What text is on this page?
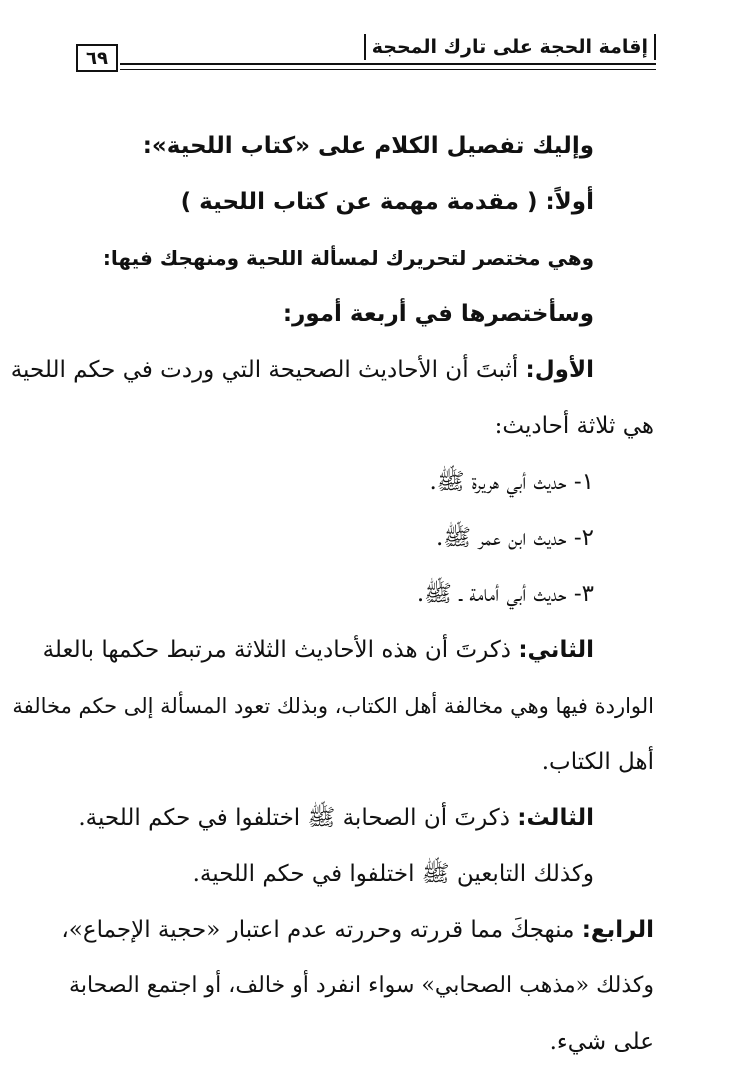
٦٩	إقامة الحجة على تارك المحجة
وإليك تفصيل الكلام على «كتاب اللحية»:
أولاً: ( مقدمة مهمة عن كتاب اللحية )
وهي مختصر لتحريرك لمسألة اللحية ومنهجك فيها:
وسأختصرها في أربعة أمور:
الأول: أثبتَ أن الأحاديث الصحيحة التي وردت في حكم اللحية
هي ثلاثة أحاديث:
١- حديث أبي هريرة ﷺ.
٢- حديث ابن عمر ﷺ.
٣- حديث أبي أمامة ـ ﷺ.
الثاني: ذكرتَ أن هذه الأحاديث الثلاثة مرتبط حكمها بالعلة
الواردة فيها وهي مخالفة أهل الكتاب، وبذلك تعود المسألة إلى حكم مخالفة
أهل الكتاب.
الثالث: ذكرتَ أن الصحابة ﷺ اختلفوا في حكم اللحية.
وكذلك التابعين ﷺ اختلفوا في حكم اللحية.
الرابع: منهجكَ مما قررته وحررته عدم اعتبار «حجية الإجماع»،
وكذلك «مذهب الصحابي» سواء انفرد أو خالف، أو اجتمع الصحابة
على شيء.
